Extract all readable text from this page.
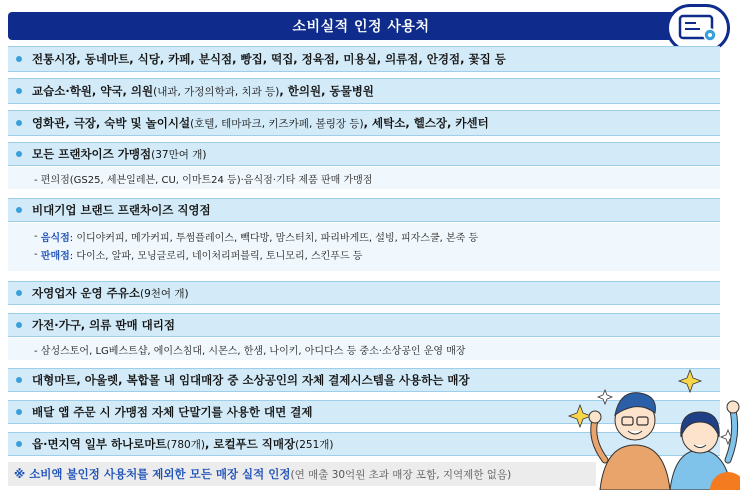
소비실적 인정 사용처
전통시장, 동네마트, 식당, 카페, 분식점, 빵집, 떡집, 정육점, 미용실, 의류점, 안경점, 꽃집 등
교습소·학원, 약국, 의원 (내과, 가정의학과, 치과 등) , 한의원, 동물병원
영화관, 극장, 숙박 및 놀이시설 (호텔, 테마파크, 키즈카페, 볼링장 등) , 세탁소, 헬스장, 카센터
모든 프랜차이즈 가맹점 (37만여 개)
- 편의점(GS25, 세븐일레븐, CU, 이마트24 등)·음식점·기타 제품 판매 가맹점
비대기업 브랜드 프랜차이즈 직영점
- 음식점 : 이디야커피, 메가커피, 투썸플레이스, 빽다방, 맘스터치, 파리바게뜨, 설빙, 피자스쿨, 본죽 등
- 판매점 : 다이소, 알파, 모닝글로리, 네이처리퍼블릭, 토니모리, 스킨푸드 등
자영업자 운영 주유소 (9천여 개)
가전·가구, 의류 판매 대리점
- 삼성스토어, LG베스트샵, 에이스침대, 시몬스, 한샘, 나이키, 아디다스 등 중소·소상공인 운영 매장
대형마트, 아울렛, 복합몰 내 임대매장 중 소상공인의 자체 결제시스템을 사용하는 매장
배달 앱 주문 시 가맹점 자체 단말기를 사용한 대면 결제
읍·면지역 일부 하나로마트 (780개) , 로컬푸드 직매장 (251개)
※ 소비액 불인정 사용처를 제외한 모든 매장 실적 인정 (연 매출 30억원 초과 매장 포함, 지역제한 없음)
